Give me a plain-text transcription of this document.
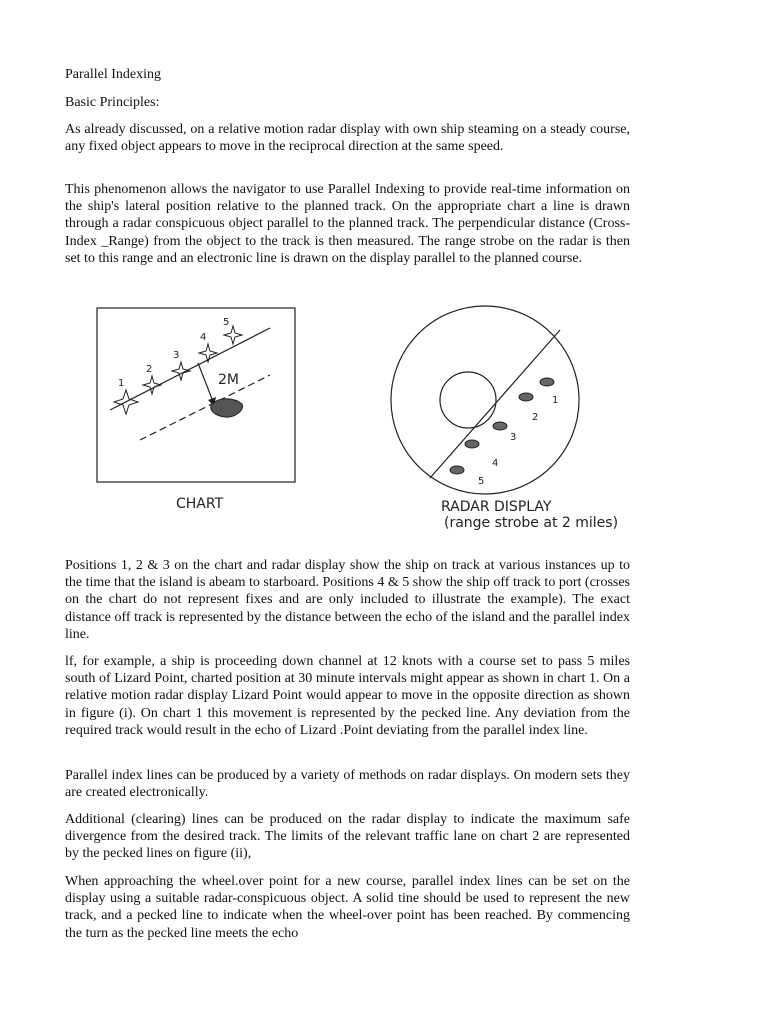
Parallel Indexing

Basic Principles:

As already discussed, on a relative motion radar display with own ship steaming on a steady course, any fixed object appears to move in the reciprocal direction at the same speed.

This phenomenon allows the navigator to use Parallel Indexing to provide real-time information on the ship's lateral position relative to the planned track. On the appropriate chart a line is drawn through a radar conspicuous object parallel to the planned track. The perpendicular distance (Cross-Index _Range) from the object to the track is then measured. The range strobe on the radar is then set to this range and an electronic line is drawn on the display parallel to the planned course.

1
2
3
4
5
2M
CHART
1
2
3
4
5
RADAR DISPLAY
(range strobe at 2 miles)

Positions 1, 2 & 3 on the chart and radar display show the ship on track at various instances up to the time that the island is abeam to starboard. Positions 4 & 5 show the ship off track to port (crosses on the chart do not represent fixes and are only included to illustrate the example). The exact distance off track is represented by the distance between the echo of the island and the parallel index line.

lf, for example, a ship is proceeding down channel at 12 knots with a course set to pass 5 miles south of Lizard Point, charted position at 30 minute intervals might appear as shown in chart 1. On a relative motion radar display Lizard Point would appear to move in the opposite direction as shown in figure (i). On chart 1 this movement is represented by the pecked line. Any deviation from the required track would result in the echo of Lizard .Point deviating from the parallel index line.

Parallel index lines can be produced by a variety of methods on radar displays. On modern sets they are created electronically.

Additional (clearing) lines can be produced on the radar display to indicate the maximum safe divergence from the desired track. The limits of the relevant traffic lane on chart 2 are represented by the pecked lines on figure (ii),

When approaching the wheel.over point for a new course, parallel index lines can be set on the display using a suitable radar-conspicuous object. A solid tine should be used to represent the new track, and a pecked line to indicate when the wheel-over point has been reached. By commencing the turn as the pecked line meets the echo
